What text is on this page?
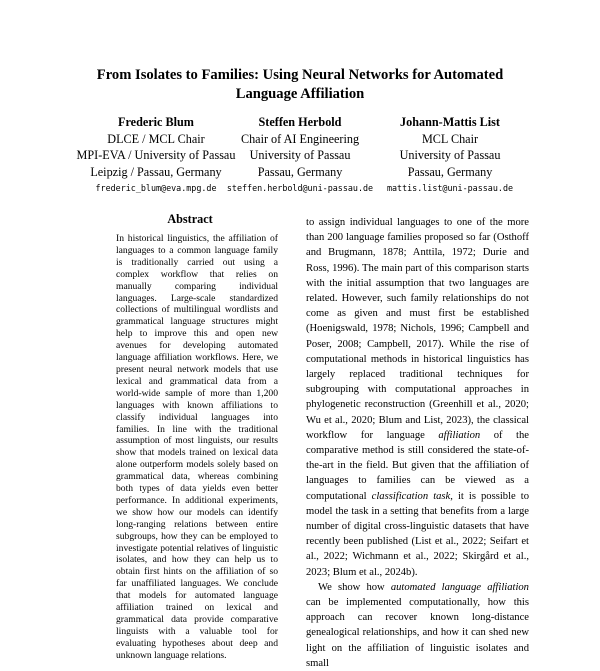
From Isolates to Families: Using Neural Networks for Automated
Language Affiliation
Frederic Blum
DLCE / MCL Chair
MPI-EVA / University of Passau
Leipzig / Passau, Germany
frederic_blum@eva.mpg.de
Steffen Herbold
Chair of AI Engineering
University of Passau
Passau, Germany
steffen.herbold@uni-passau.de
Johann-Mattis List
MCL Chair
University of Passau
Passau, Germany
mattis.list@uni-passau.de
Abstract
In historical linguistics, the affiliation of languages to a common language family is traditionally carried out using a complex workflow that relies on manually comparing individual languages. Large-scale standardized collections of multilingual wordlists and grammatical language structures might help to improve this and open new avenues for developing automated language affiliation workflows. Here, we present neural network models that use lexical and grammatical data from a world-wide sample of more than 1,200 languages with known affiliations to classify individual languages into families. In line with the traditional assumption of most linguists, our results show that models trained on lexical data alone outperform models solely based on grammatical data, whereas combining both types of data yields even better performance. In additional experiments, we show how our models can identify long-ranging relations between entire subgroups, how they can be employed to investigate potential relatives of linguistic isolates, and how they can help us to obtain first hints on the affiliation of so far unaffiliated languages. We conclude that models for automated language affiliation trained on lexical and grammatical data provide comparative linguists with a valuable tool for evaluating hypotheses about deep and unknown language relations.

to assign individual languages to one of the more than 200 language families proposed so far (Osthoff and Brugmann, 1878; Anttila, 1972; Durie and Ross, 1996). The main part of this comparison starts with the initial assumption that two languages are related. However, such family relationships do not come as given and must first be established (Hoenigswald, 1978; Nichols, 1996; Campbell and Poser, 2008; Campbell, 2017). While the rise of computational methods in historical linguistics has largely replaced traditional techniques for subgrouping with computational approaches in phylogenetic reconstruction (Greenhill et al., 2020; Wu et al., 2020; Blum and List, 2023), the classical workflow for language affiliation of the comparative method is still considered the state-of-the-art in the field. But given that the affiliation of languages to families can be viewed as a computational classification task, it is possible to model the task in a setting that benefits from a large number of digital cross-linguistic datasets that have recently been published (List et al., 2022; Seifart et al., 2022; Wichmann et al., 2022; Skirgård et al., 2023; Blum et al., 2024b).

We show how automated language affiliation can be implemented computationally, how this approach can recover known long-distance genealogical relationships, and how it can shed new light on the affiliation of linguistic isolates and small
